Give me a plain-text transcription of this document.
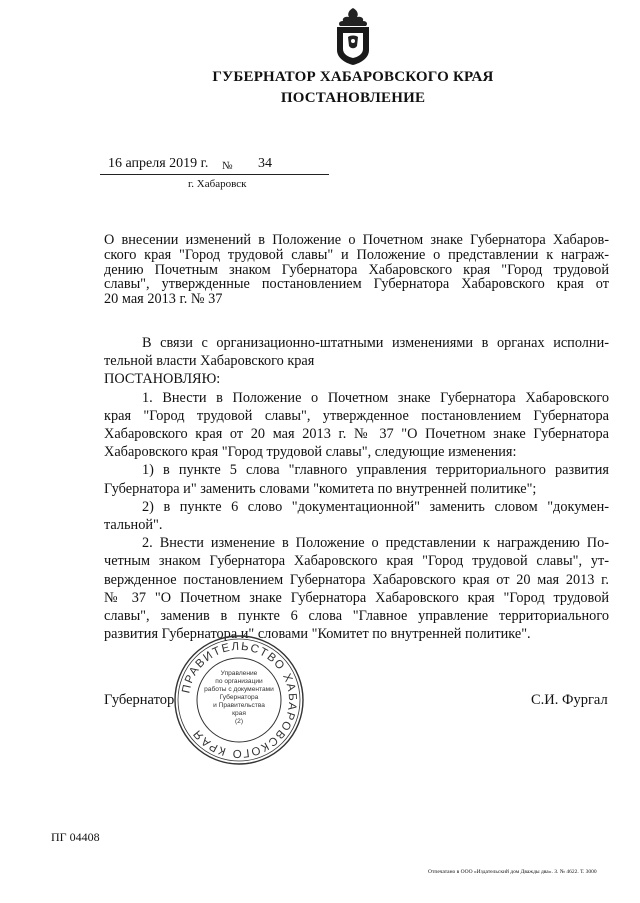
ГУБЕРНАТОР ХАБАРОВСКОГО КРАЯ
ПОСТАНОВЛЕНИЕ
16 апреля 2019 г. № 34
г. Хабаровск
О внесении изменений в Положение о Почетном знаке Губернатора Хабаров-
ского края "Город трудовой славы" и Положение о представлении к награж-
дению Почетным знаком Губернатора Хабаровского края "Город трудовой
славы", утвержденные постановлением Губернатора Хабаровского края от
20 мая 2013 г. № 37
В связи с организационно-штатными изменениями в органах исполни-
тельной власти Хабаровского края
ПОСТАНОВЛЯЮ:
1. Внести в Положение о Почетном знаке Губернатора Хабаровского
края "Город трудовой славы", утвержденное постановлением Губернатора
Хабаровского края от 20 мая 2013 г. № 37 "О Почетном знаке Губернатора
Хабаровского края "Город трудовой славы", следующие изменения:
1) в пункте 5 слова "главного управления территориального развития
Губернатора и" заменить словами "комитета по внутренней политике";
2) в пункте 6 слово "документационной" заменить словом "докумен-
тальной".
2. Внести изменение в Положение о представлении к награждению По-
четным знаком Губернатора Хабаровского края "Город трудовой славы", ут-
вержденное постановлением Губернатора Хабаровского края от 20 мая 2013 г.
№ 37 "О Почетном знаке Губернатора Хабаровского края "Город трудовой
славы", заменив в пункте 6 слова "Главное управление территориального
развития Губернатора и" словами "Комитет по внутренней политике".
Губернатор	С.И. Фургал
ПРАВИТЕЛЬСТВО ХАБАРОВСКОГО КРАЯ
Управление
по организации
работы с документами
Губернатора
и Правительства
края
(2)
ПГ 04408
Отпечатано в ООО «Издательский дом Дважды два». З. № 4622. Т. 3000
